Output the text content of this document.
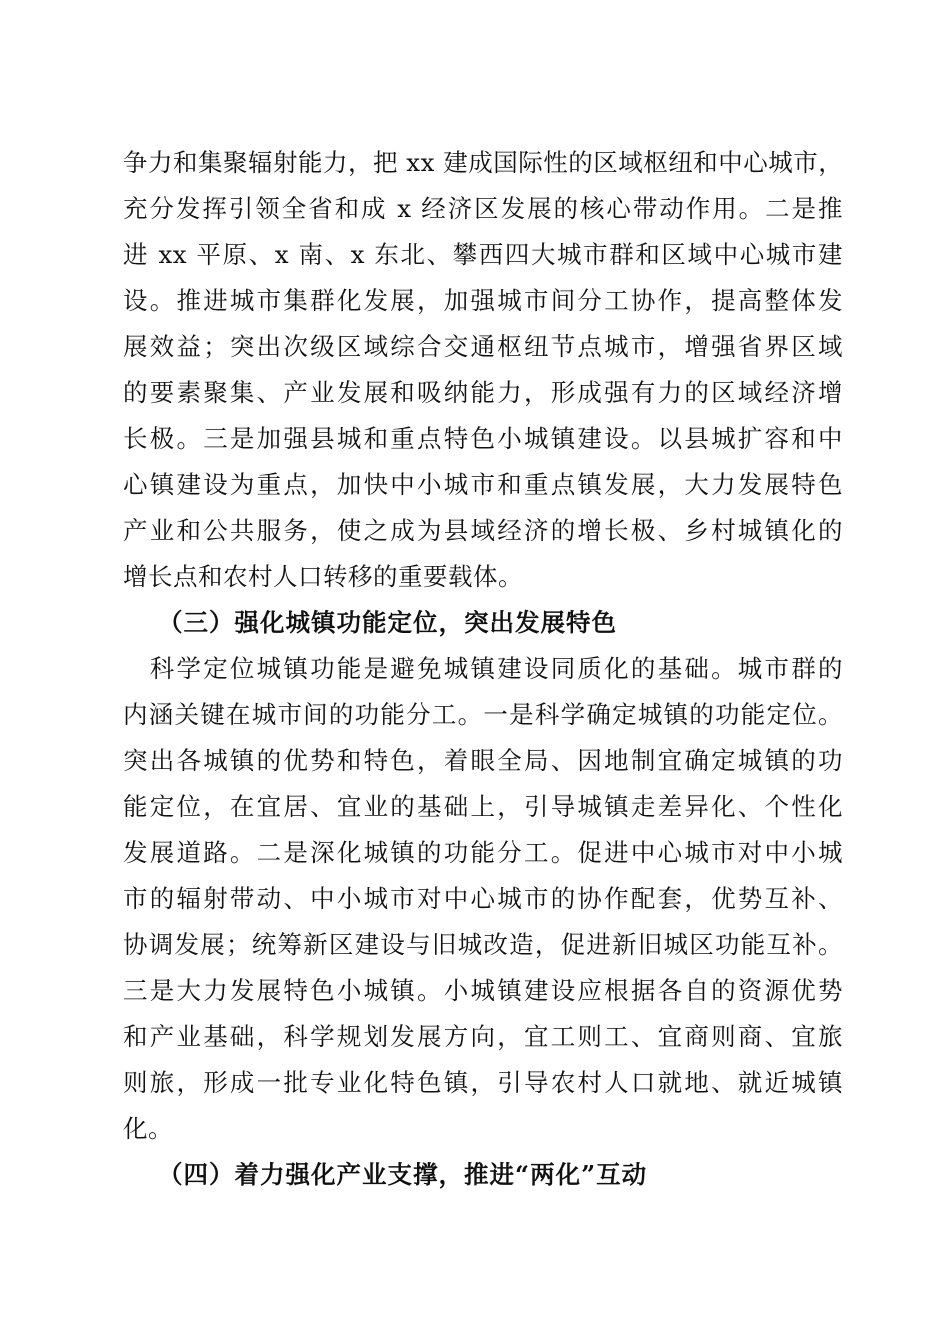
争力和集聚辐射能力，把 xx 建成国际性的区域枢纽和中心城市，
充分发挥引领全省和成 x 经济区发展的核心带动作用。二是推
进 xx 平原、x 南、x 东北、攀西四大城市群和区域中心城市建
设。推进城市集群化发展，加强城市间分工协作，提高整体发
展效益；突出次级区域综合交通枢纽节点城市，增强省界区域
的要素聚集、产业发展和吸纳能力，形成强有力的区域经济增
长极。三是加强县城和重点特色小城镇建设。以县城扩容和中
心镇建设为重点，加快中小城市和重点镇发展，大力发展特色
产业和公共服务，使之成为县域经济的增长极、乡村城镇化的
增长点和农村人口转移的重要载体。
（三）强化城镇功能定位，突出发展特色
　科学定位城镇功能是避免城镇建设同质化的基础。城市群的
内涵关键在城市间的功能分工。一是科学确定城镇的功能定位。
突出各城镇的优势和特色，着眼全局、因地制宜确定城镇的功
能定位，在宜居、宜业的基础上，引导城镇走差异化、个性化
发展道路。二是深化城镇的功能分工。促进中心城市对中小城
市的辐射带动、中小城市对中心城市的协作配套，优势互补、
协调发展；统筹新区建设与旧城改造，促进新旧城区功能互补。
三是大力发展特色小城镇。小城镇建设应根据各自的资源优势
和产业基础，科学规划发展方向，宜工则工、宜商则商、宜旅
则旅，形成一批专业化特色镇，引导农村人口就地、就近城镇
化。
（四）着力强化产业支撑，推进“两化”互动
